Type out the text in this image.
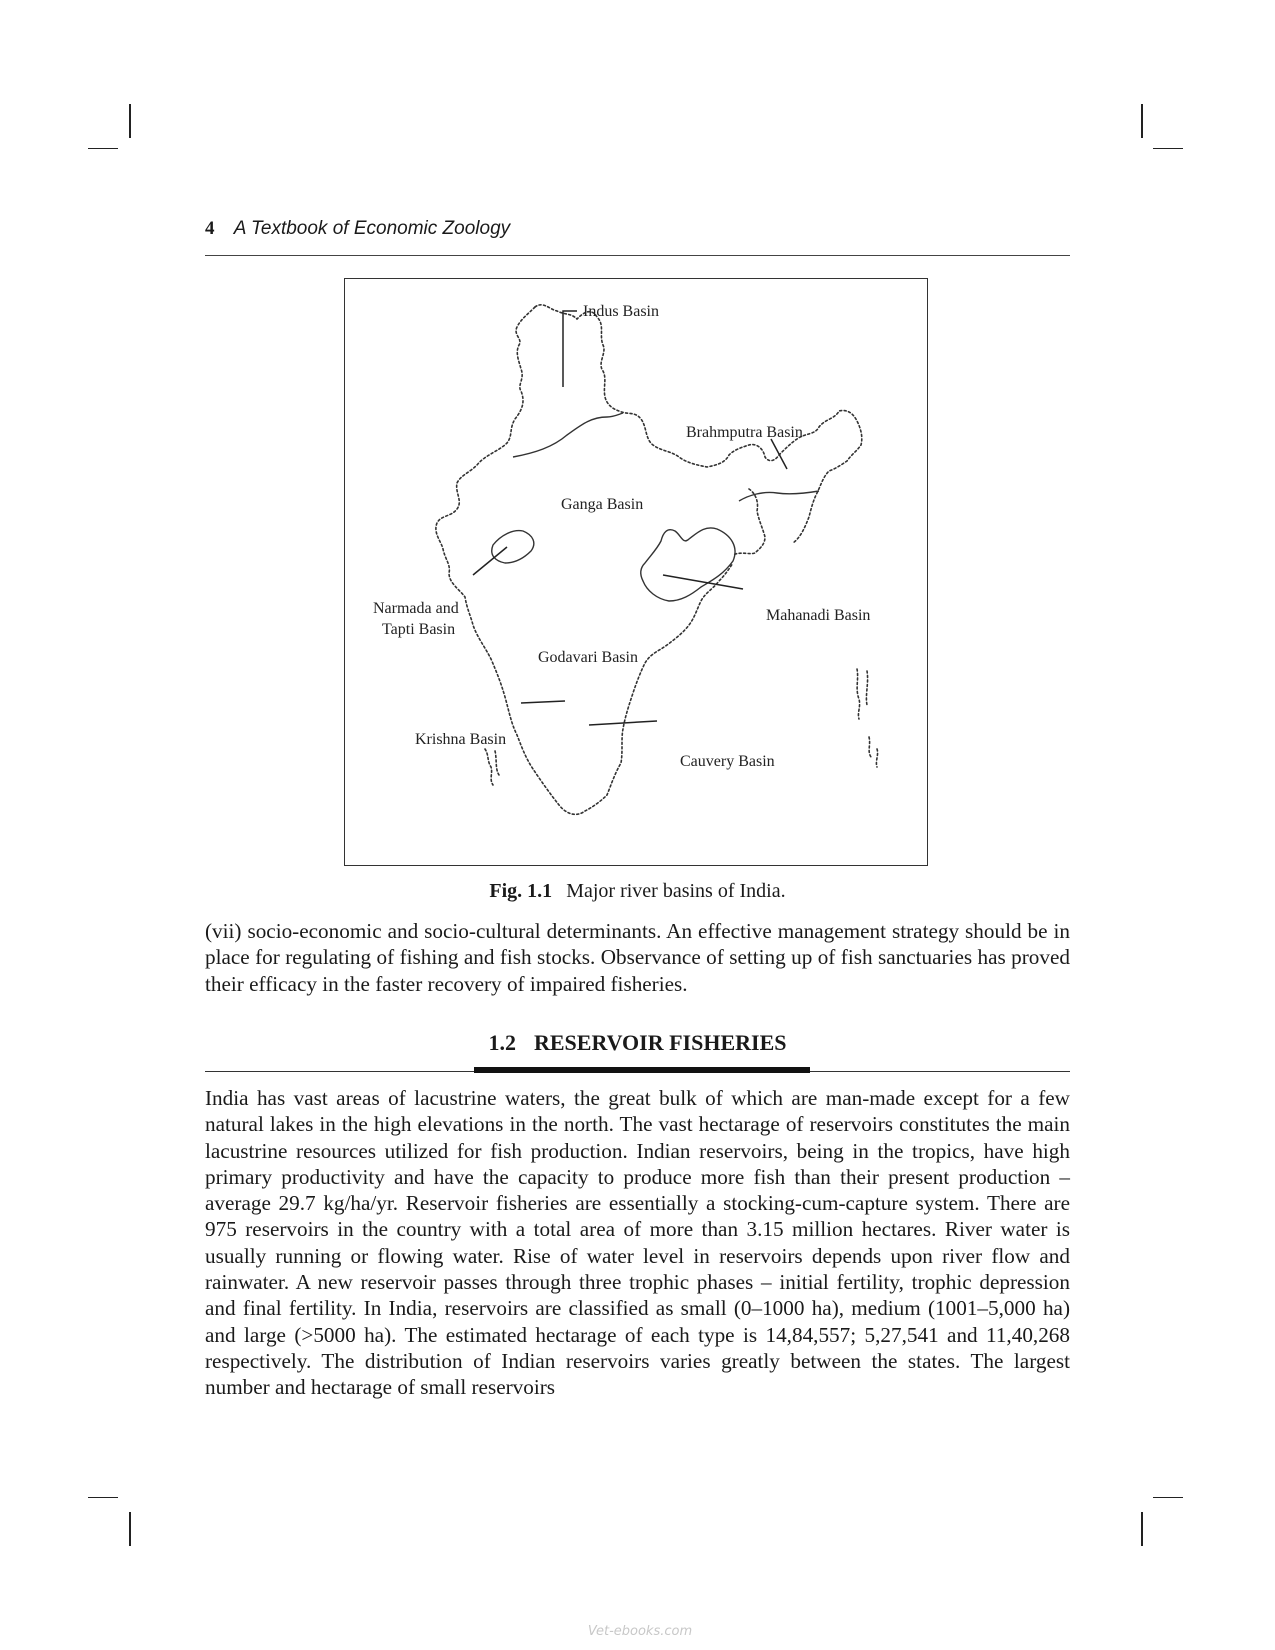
4 A Textbook of Economic Zoology
Indus Basin
Brahmputra Basin
Ganga Basin
Narmada and
Tapti Basin
Mahanadi Basin
Godavari Basin
Krishna Basin
Cauvery Basin
Fig. 1.1 Major river basins of India.

(vii) socio-economic and socio-cultural determinants. An effective management strategy should be in place for regulating of fishing and fish stocks. Observance of setting up of fish sanctuaries has proved their efficacy in the faster recovery of impaired fisheries.

1.2 RESERVOIR FISHERIES

India has vast areas of lacustrine waters, the great bulk of which are man-made except for a few natural lakes in the high elevations in the north. The vast hectarage of reservoirs constitutes the main lacustrine resources utilized for fish production. Indian reservoirs, being in the tropics, have high primary productivity and have the capacity to produce more fish than their present production – average 29.7 kg/ha/yr. Reservoir fisheries are essentially a stocking-cum-capture system. There are 975 reservoirs in the country with a total area of more than 3.15 million hectares. River water is usually running or flowing water. Rise of water level in reservoirs depends upon river flow and rainwater. A new reservoir passes through three trophic phases – initial fertility, trophic depression and final fertility. In India, reservoirs are classified as small (0–1000 ha), medium (1001–5,000 ha) and large (>5000 ha). The estimated hectarage of each type is 14,84,557; 5,27,541 and 11,40,268 respectively. The distribution of Indian reservoirs varies greatly between the states. The largest number and hectarage of small reservoirs

Vet-ebooks.com
